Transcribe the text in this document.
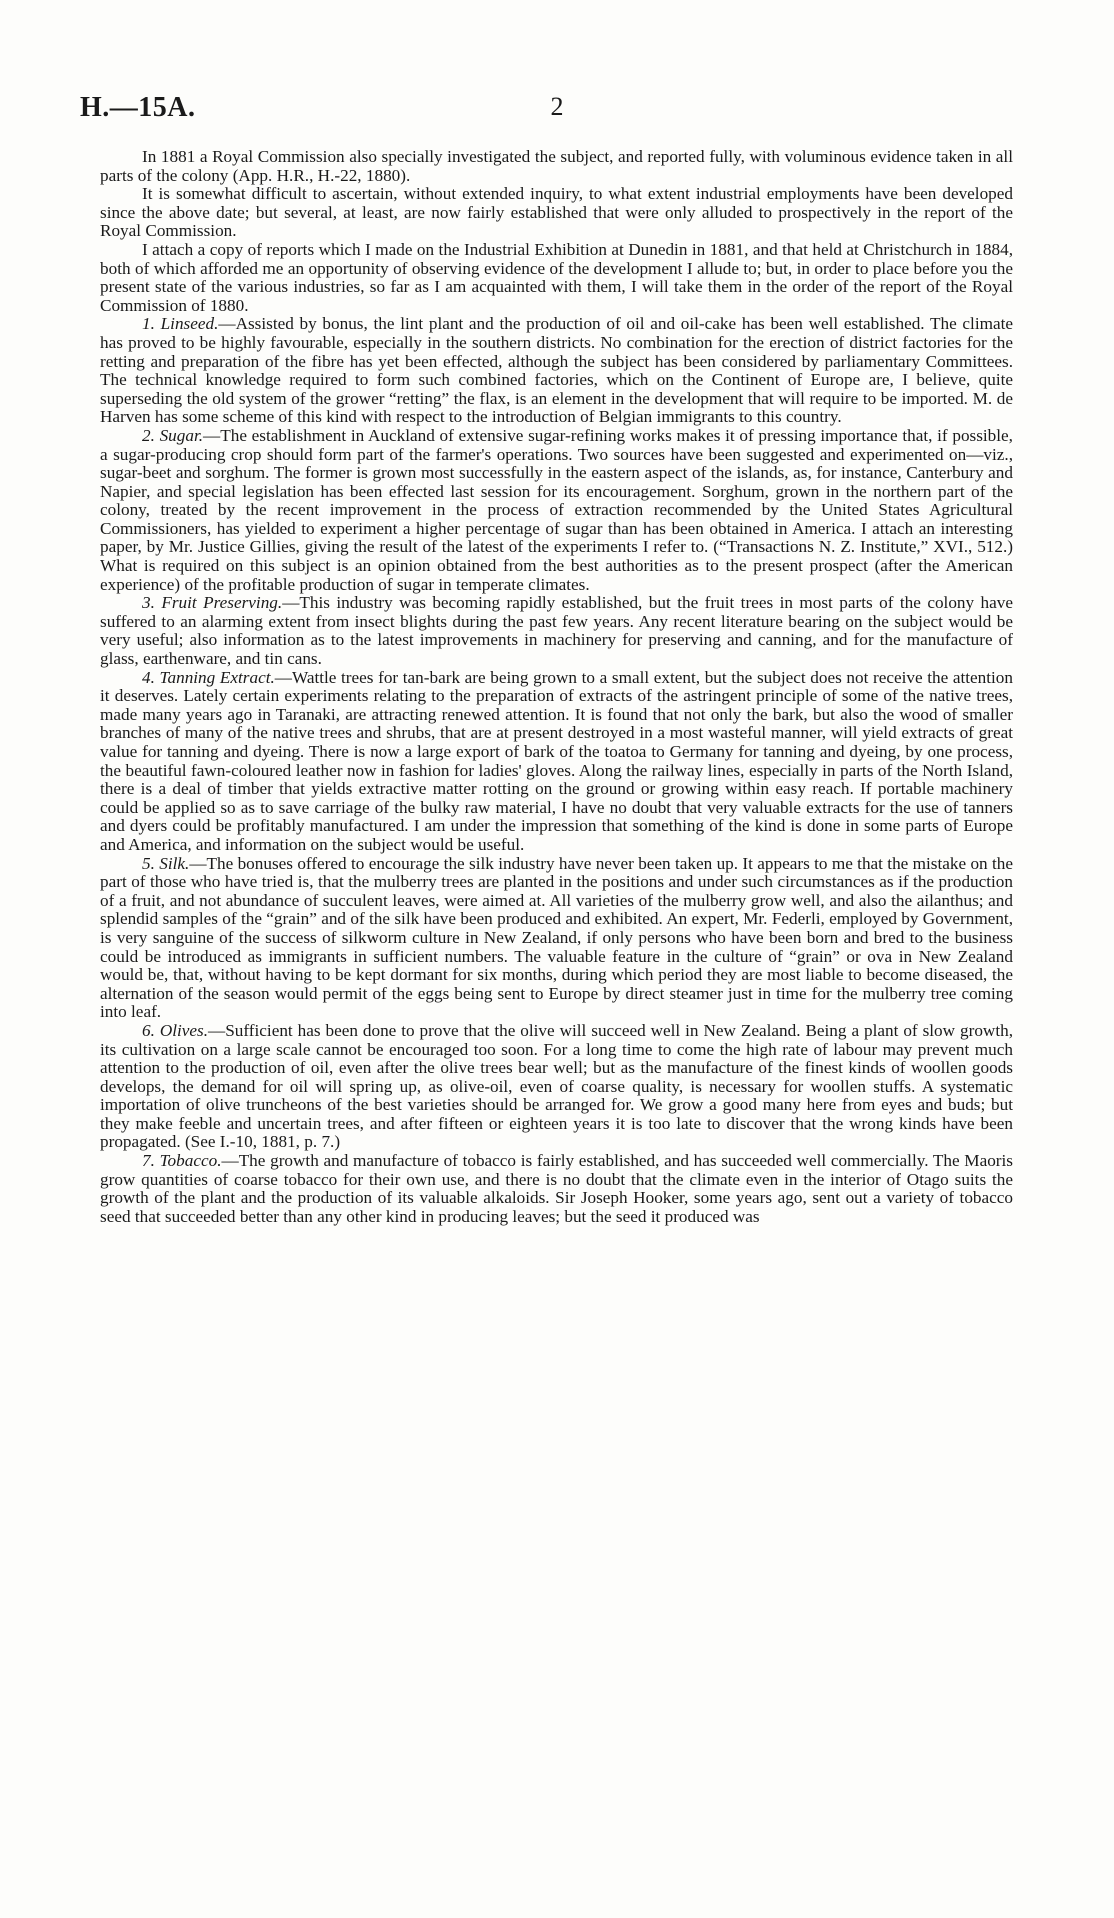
H.—15A.	2

In 1881 a Royal Commission also specially investigated the subject, and reported fully, with voluminous evidence taken in all parts of the colony (App. H.R., H.-22, 1880).

It is somewhat difficult to ascertain, without extended inquiry, to what extent industrial employments have been developed since the above date; but several, at least, are now fairly established that were only alluded to prospectively in the report of the Royal Commission.

I attach a copy of reports which I made on the Industrial Exhibition at Dunedin in 1881, and that held at Christchurch in 1884, both of which afforded me an opportunity of observing evidence of the development I allude to; but, in order to place before you the present state of the various industries, so far as I am acquainted with them, I will take them in the order of the report of the Royal Commission of 1880.

1. Linseed.—Assisted by bonus, the lint plant and the production of oil and oil-cake has been well established. The climate has proved to be highly favourable, especially in the southern districts. No combination for the erection of district factories for the retting and preparation of the fibre has yet been effected, although the subject has been considered by parliamentary Committees. The technical knowledge required to form such combined factories, which on the Continent of Europe are, I believe, quite superseding the old system of the grower “retting” the flax, is an element in the development that will require to be imported. M. de Harven has some scheme of this kind with respect to the introduction of Belgian immigrants to this country.

2. Sugar.—The establishment in Auckland of extensive sugar-refining works makes it of pressing importance that, if possible, a sugar-producing crop should form part of the farmer's operations. Two sources have been suggested and experimented on—viz., sugar-beet and sorghum. The former is grown most successfully in the eastern aspect of the islands, as, for instance, Canterbury and Napier, and special legislation has been effected last session for its encouragement. Sorghum, grown in the northern part of the colony, treated by the recent improvement in the process of extraction recommended by the United States Agricultural Commissioners, has yielded to experiment a higher percentage of sugar than has been obtained in America. I attach an interesting paper, by Mr. Justice Gillies, giving the result of the latest of the experiments I refer to. (“Transactions N. Z. Institute,” XVI., 512.) What is required on this subject is an opinion obtained from the best authorities as to the present prospect (after the American experience) of the profitable production of sugar in temperate climates.

3. Fruit Preserving.—This industry was becoming rapidly established, but the fruit trees in most parts of the colony have suffered to an alarming extent from insect blights during the past few years. Any recent literature bearing on the subject would be very useful; also information as to the latest improvements in machinery for preserving and canning, and for the manufacture of glass, earthenware, and tin cans.

4. Tanning Extract.—Wattle trees for tan-bark are being grown to a small extent, but the subject does not receive the attention it deserves. Lately certain experiments relating to the preparation of extracts of the astringent principle of some of the native trees, made many years ago in Taranaki, are attracting renewed attention. It is found that not only the bark, but also the wood of smaller branches of many of the native trees and shrubs, that are at present destroyed in a most wasteful manner, will yield extracts of great value for tanning and dyeing. There is now a large export of bark of the toatoa to Germany for tanning and dyeing, by one process, the beautiful fawn-coloured leather now in fashion for ladies' gloves. Along the railway lines, especially in parts of the North Island, there is a deal of timber that yields extractive matter rotting on the ground or growing within easy reach. If portable machinery could be applied so as to save carriage of the bulky raw material, I have no doubt that very valuable extracts for the use of tanners and dyers could be profitably manufactured. I am under the impression that something of the kind is done in some parts of Europe and America, and information on the subject would be useful.

5. Silk.—The bonuses offered to encourage the silk industry have never been taken up. It appears to me that the mistake on the part of those who have tried is, that the mulberry trees are planted in the positions and under such circumstances as if the production of a fruit, and not abundance of succulent leaves, were aimed at. All varieties of the mulberry grow well, and also the ailanthus; and splendid samples of the “grain” and of the silk have been produced and exhibited. An expert, Mr. Federli, employed by Government, is very sanguine of the success of silkworm culture in New Zealand, if only persons who have been born and bred to the business could be introduced as immigrants in sufficient numbers. The valuable feature in the culture of “grain” or ova in New Zealand would be, that, without having to be kept dormant for six months, during which period they are most liable to become diseased, the alternation of the season would permit of the eggs being sent to Europe by direct steamer just in time for the mulberry tree coming into leaf.

6. Olives.—Sufficient has been done to prove that the olive will succeed well in New Zealand. Being a plant of slow growth, its cultivation on a large scale cannot be encouraged too soon. For a long time to come the high rate of labour may prevent much attention to the production of oil, even after the olive trees bear well; but as the manufacture of the finest kinds of woollen goods develops, the demand for oil will spring up, as olive-oil, even of coarse quality, is necessary for woollen stuffs. A systematic importation of olive truncheons of the best varieties should be arranged for. We grow a good many here from eyes and buds; but they make feeble and uncertain trees, and after fifteen or eighteen years it is too late to discover that the wrong kinds have been propagated. (See I.-10, 1881, p. 7.)

7. Tobacco.—The growth and manufacture of tobacco is fairly established, and has succeeded well commercially. The Maoris grow quantities of coarse tobacco for their own use, and there is no doubt that the climate even in the interior of Otago suits the growth of the plant and the production of its valuable alkaloids. Sir Joseph Hooker, some years ago, sent out a variety of tobacco seed that succeeded better than any other kind in producing leaves; but the seed it produced was
